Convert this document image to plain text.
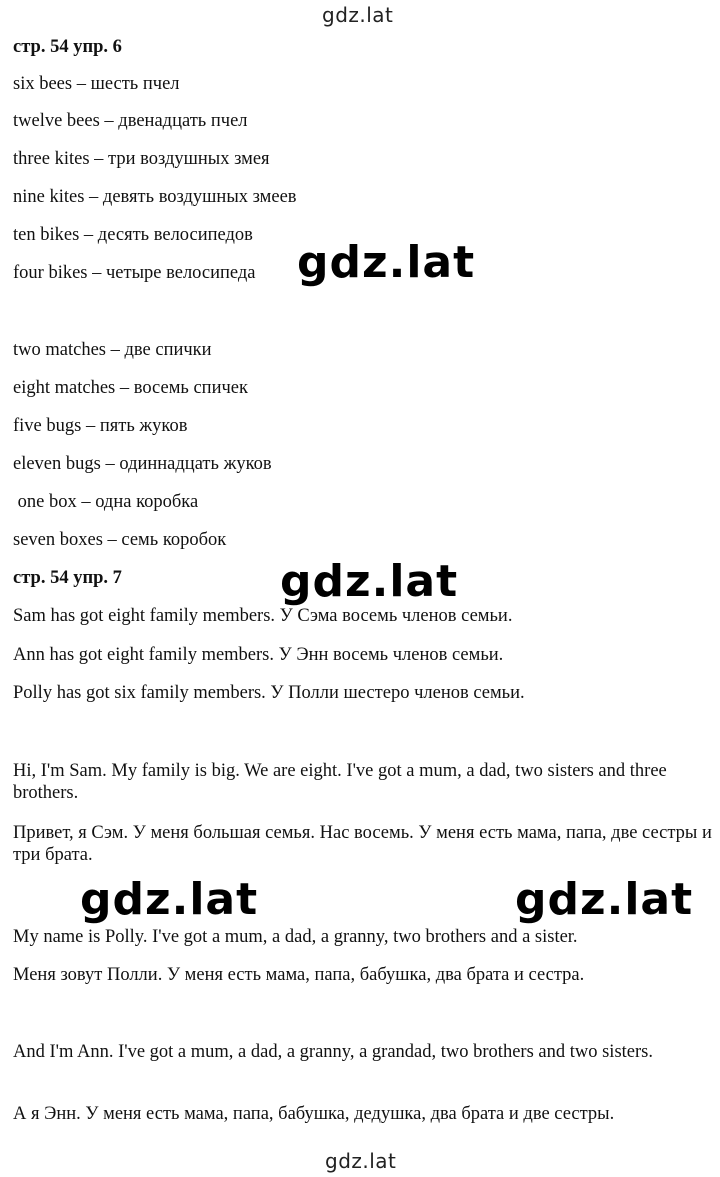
gdz.lat
gdz.lat
gdz.lat
gdz.lat	gdz.lat
gdz.lat
стр. 54 упр. 6
six bees – шесть пчел
twelve bees – двенадцать пчел
three kites – три воздушных змея
nine kites – девять воздушных змеев
ten bikes – десять велосипедов
four bikes – четыре велосипеда
two matches – две спички
eight matches – восемь спичек
five bugs – пять жуков
eleven bugs – одиннадцать жуков
one box – одна коробка
seven boxes – семь коробок
стр. 54 упр. 7
Sam has got eight family members. У Сэма восемь членов семьи.
Ann has got eight family members. У Энн восемь членов семьи.
Polly has got six family members. У Полли шестеро членов семьи.
Hi, I'm Sam. My family is big. We are eight. I've got a mum, a dad, two sisters and three brothers.
Привет, я Сэм. У меня большая семья. Нас восемь. У меня есть мама, папа, две сестры и три брата.
My name is Polly. I've got a mum, a dad, a granny, two brothers and a sister.
Меня зовут Полли. У меня есть мама, папа, бабушка, два брата и сестра.
And I'm Ann. I've got a mum, a dad, a granny, a grandad, two brothers and two sisters.
А я Энн. У меня есть мама, папа, бабушка, дедушка, два брата и две сестры.
